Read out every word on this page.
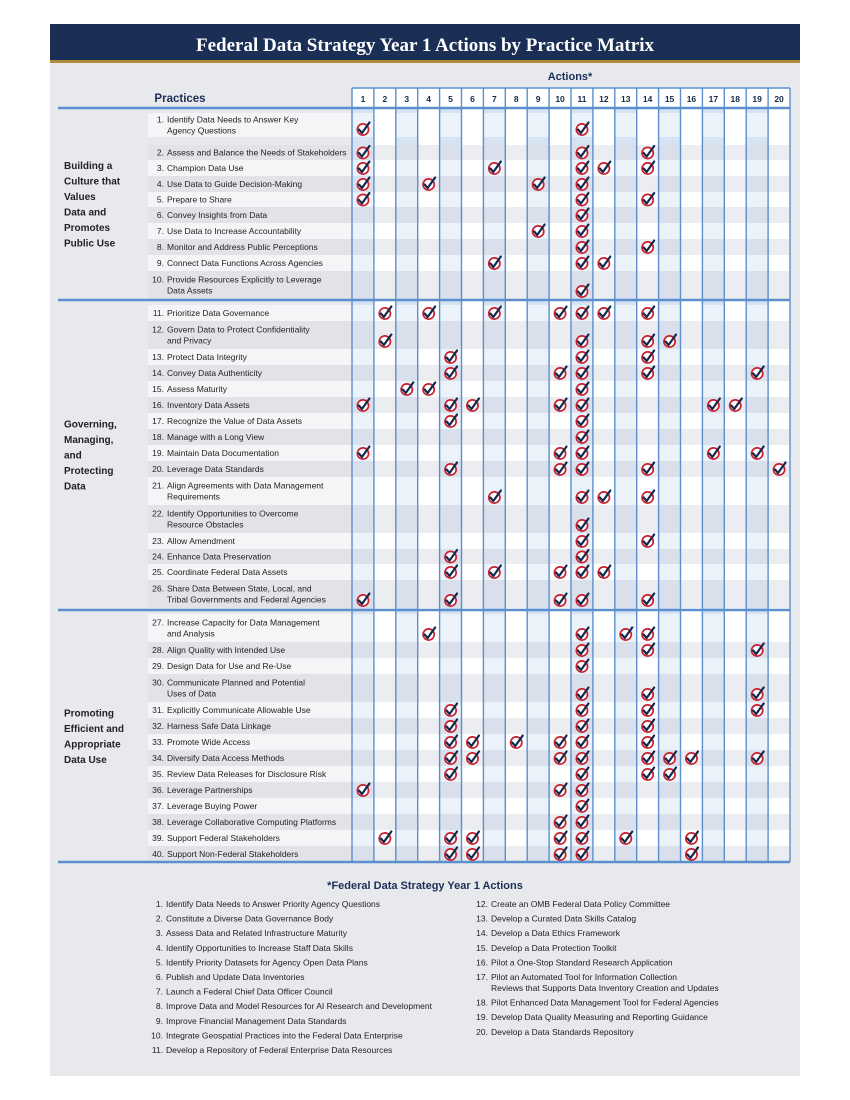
Federal Data Strategy Year 1 Actions by Practice Matrix
Actions*
Practices	1 2 3 4 5 6 7 8 9 10 11 12 13 14 15 16 17 18 19 20
Building a
Culture that
Values
Data and
Promotes
Public Use
Governing,
Managing,
and
Protecting
Data
Promoting
Efficient and
Appropriate
Data Use
1. Identify Data Needs to Answer Key
Agency Questions
2. Assess and Balance the Needs of Stakeholders
3. Champion Data Use
4. Use Data to Guide Decision-Making
5. Prepare to Share
6. Convey Insights from Data
7. Use Data to Increase Accountability
8. Monitor and Address Public Perceptions
9. Connect Data Functions Across Agencies
10. Provide Resources Explicitly to Leverage
Data Assets
11. Prioritize Data Governance
12. Govern Data to Protect Confidentiality
and Privacy
13. Protect Data Integrity
14. Convey Data Authenticity
15. Assess Maturity
16. Inventory Data Assets
17. Recognize the Value of Data Assets
18. Manage with a Long View
19. Maintain Data Documentation
20. Leverage Data Standards
21. Align Agreements with Data Management
Requirements
22. Identify Opportunities to Overcome
Resource Obstacles
23. Allow Amendment
24. Enhance Data Preservation
25. Coordinate Federal Data Assets
26. Share Data Between State, Local, and
Tribal Governments and Federal Agencies
27. Increase Capacity for Data Management
and Analysis
28. Align Quality with Intended Use
29. Design Data for Use and Re-Use
30. Communicate Planned and Potential
Uses of Data
31. Explicitly Communicate Allowable Use
32. Harness Safe Data Linkage
33. Promote Wide Access
34. Diversify Data Access Methods
35. Review Data Releases for Disclosure Risk
36. Leverage Partnerships
37. Leverage Buying Power
38. Leverage Collaborative Computing Platforms
39. Support Federal Stakeholders
40. Support Non-Federal Stakeholders
*Federal Data Strategy Year 1 Actions
1. Identify Data Needs to Answer Priority Agency Questions
2. Constitute a Diverse Data Governance Body
3. Assess Data and Related Infrastructure Maturity
4. Identify Opportunities to Increase Staff Data Skills
5. Identify Priority Datasets for Agency Open Data Plans
6. Publish and Update Data Inventories
7. Launch a Federal Chief Data Officer Council
8. Improve Data and Model Resources for AI Research and Development
9. Improve Financial Management Data Standards
10. Integrate Geospatial Practices into the Federal Data Enterprise
11. Develop a Repository of Federal Enterprise Data Resources
12. Create an OMB Federal Data Policy Committee
13. Develop a Curated Data Skills Catalog
14. Develop a Data Ethics Framework
15. Develop a Data Protection Toolkit
16. Pilot a One-Stop Standard Research Application
17. Pilot an Automated Tool for Information Collection
Reviews that Supports Data Inventory Creation and Updates
18. Pilot Enhanced Data Management Tool for Federal Agencies
19. Develop Data Quality Measuring and Reporting Guidance
20. Develop a Data Standards Repository
